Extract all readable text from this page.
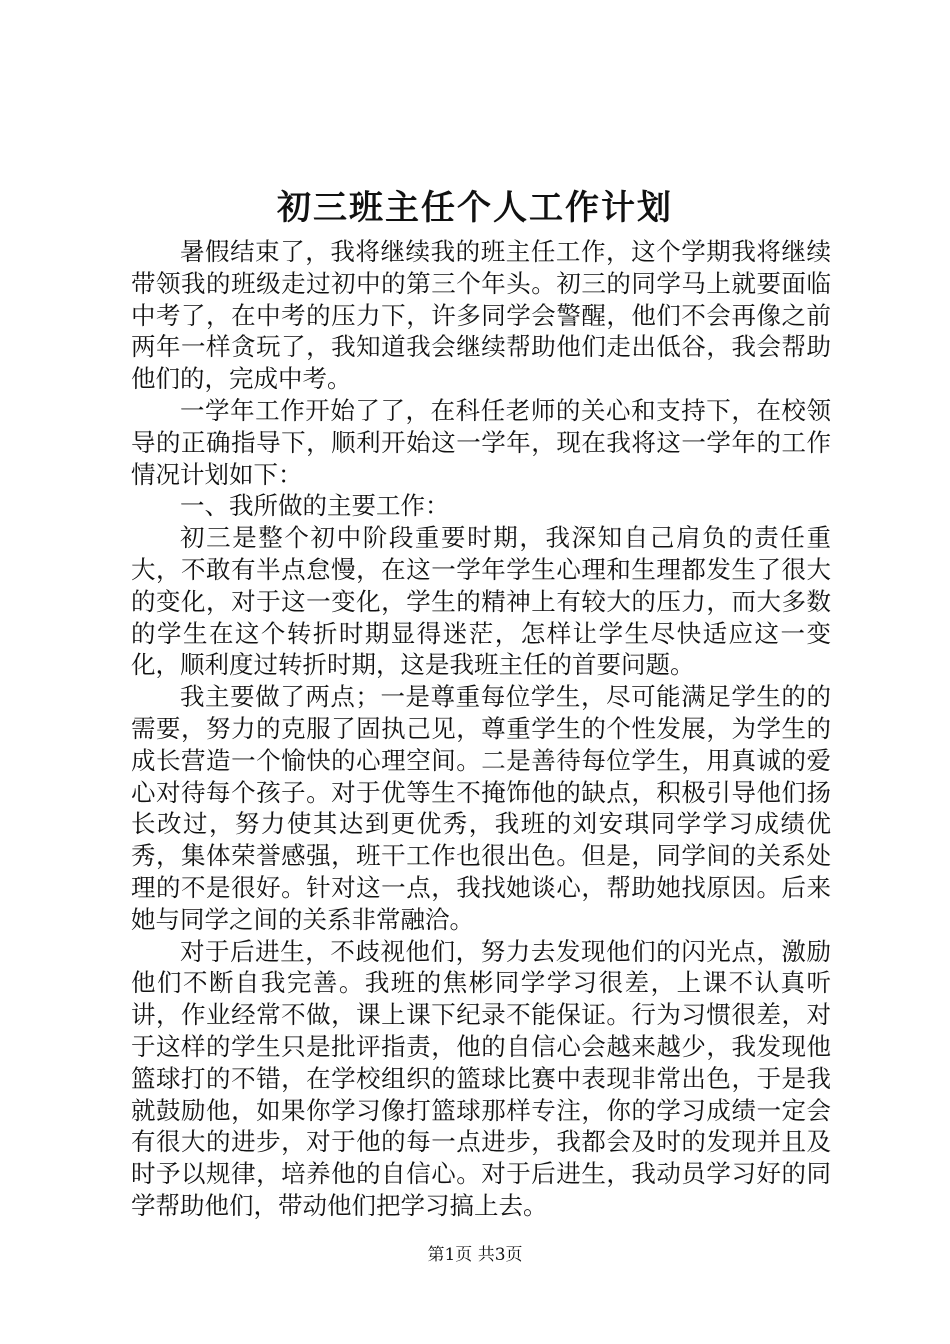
初三班主任个人工作计划

暑假结束了，我将继续我的班主任工作，这个学期我将继续带领我的班级走过初中的第三个年头。初三的同学马上就要面临中考了，在中考的压力下，许多同学会警醒，他们不会再像之前两年一样贪玩了，我知道我会继续帮助他们走出低谷，我会帮助他们的，完成中考。

一学年工作开始了了，在科任老师的关心和支持下，在校领导的正确指导下，顺利开始这一学年，现在我将这一学年的工作情况计划如下：

一、我所做的主要工作：

初三是整个初中阶段重要时期，我深知自己肩负的责任重大，不敢有半点怠慢，在这一学年学生心理和生理都发生了很大的变化，对于这一变化，学生的精神上有较大的压力，而大多数的学生在这个转折时期显得迷茫，怎样让学生尽快适应这一变化，顺利度过转折时期，这是我班主任的首要问题。

我主要做了两点；一是尊重每位学生，尽可能满足学生的的需要，努力的克服了固执己见，尊重学生的个性发展，为学生的成长营造一个愉快的心理空间。二是善待每位学生，用真诚的爱心对待每个孩子。对于优等生不掩饰他的缺点，积极引导他们扬长改过，努力使其达到更优秀，我班的刘安琪同学学习成绩优秀，集体荣誉感强，班干工作也很出色。但是，同学间的关系处理的不是很好。针对这一点，我找她谈心，帮助她找原因。后来她与同学之间的关系非常融洽。

对于后进生，不歧视他们，努力去发现他们的闪光点，激励他们不断自我完善。我班的焦彬同学学习很差，上课不认真听讲，作业经常不做，课上课下纪录不能保证。行为习惯很差，对于这样的学生只是批评指责，他的自信心会越来越少，我发现他篮球打的不错，在学校组织的篮球比赛中表现非常出色，于是我就鼓励他，如果你学习像打篮球那样专注，你的学习成绩一定会有很大的进步，对于他的每一点进步，我都会及时的发现并且及时予以规律，培养他的自信心。对于后进生，我动员学习好的同学帮助他们，带动他们把学习搞上去。

第1页 共3页
